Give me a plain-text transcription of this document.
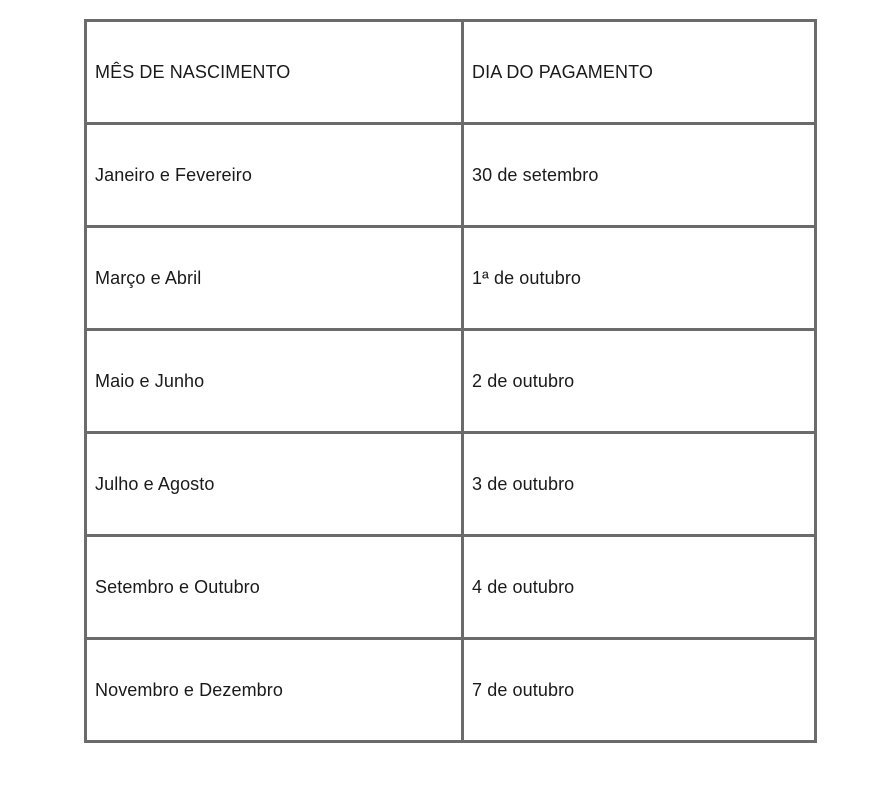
MÊS DE NASCIMENTO	DIA DO PAGAMENTO
Janeiro e Fevereiro	30 de setembro
Março e Abril	1ª de outubro
Maio e Junho	2 de outubro
Julho e Agosto	3 de outubro
Setembro e Outubro	4 de outubro
Novembro e Dezembro	7 de outubro
